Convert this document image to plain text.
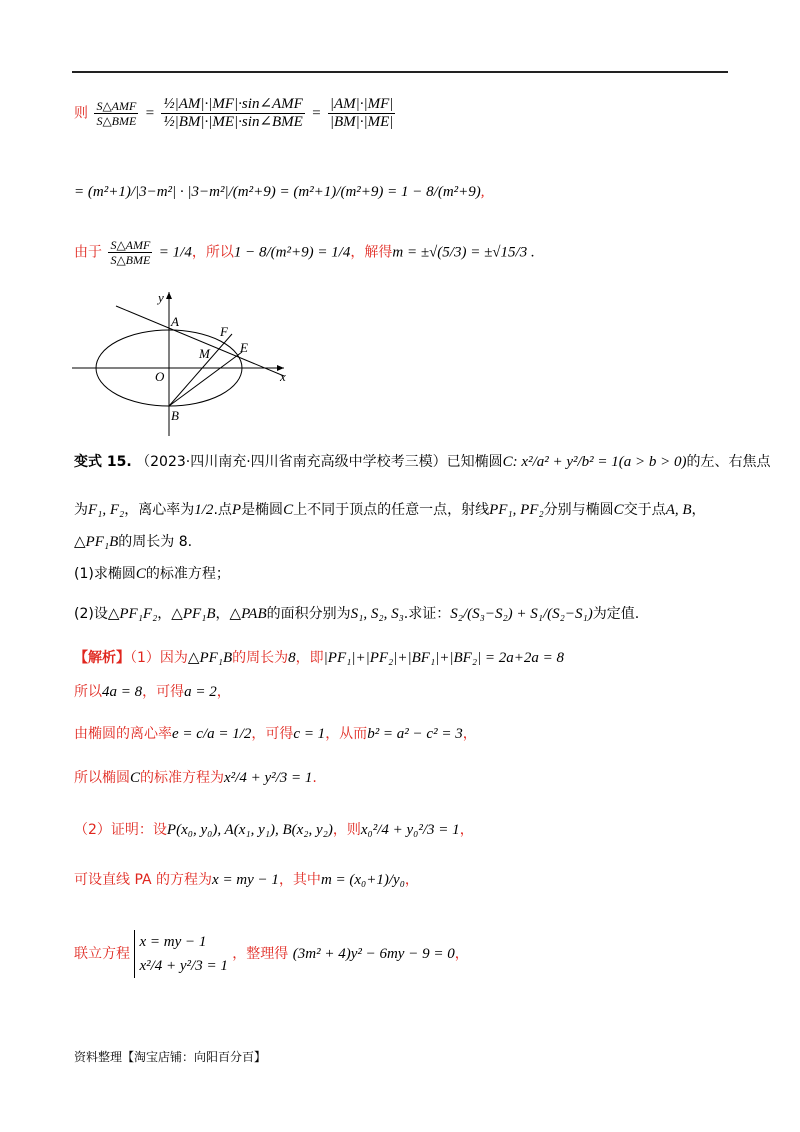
则 $\frac{\text{S△AMF}}{\text{S△BME}} = \frac{\text{½|AM|·|MF|·sin∠AMF}}{\text{½|BM|·|ME|·sin∠BME}} = \frac{|AM|\cdot|MF|}{|BM|\cdot|ME|}$
= (m²+1)/|3−m²| · |3−m²|/(m²+9) = (m²+1)/(m²+9) = 1 − 8/(m²+9),
由于 $\frac{\text{S△AMF}}{\text{S△BME}} = 1/4$，所以1 − 8/(m²+9) = 1/4，解得m = ±√(5/3) = ±√15/3 .
y
A
F
M E
O	x
B
变式 15. （2023·四川南充·四川省南充高级中学校考三模）已知椭圆C: x²/a² + y²/b² = 1(a > b > 0)的左、右焦点
为F₁, F₂，离心率为1/2.点P是椭圆C上不同于顶点的任意一点，射线PF₁, PF₂分别与椭圆C交于点A, B，
△PF₁B的周长为 8.
(1)求椭圆C的标准方程；
(2)设△PF₁F₂，△PF₁B，△PAB的面积分别为S₁, S₂, S₃.求证：S₂/(S₃−S₂) + S₁/(S₂−S₁)为定值.
【解析】（1）因为△PF₁B的周长为8，即|PF₁|+|PF₂|+|BF₁|+|BF₂| = 2a+2a = 8
所以4a = 8，可得a = 2，
由椭圆的离心率e = c/a = 1/2，可得c = 1，从而b² = a² − c² = 3，
所以椭圆C的标准方程为x²/4 + y²/3 = 1.
（2）证明：设P(x₀, y₀), A(x₁, y₁), B(x₂, y₂)，则x₀²/4 + y₀²/3 = 1，
可设直线 PA 的方程为x = my − 1，其中m = (x₀+1)/y₀，
联立方程
x = my − 1
x²/4 + y²/3 = 1
，整理得 (3m² + 4)y² − 6my − 9 = 0，
资料整理【淘宝店铺：向阳百分百】
